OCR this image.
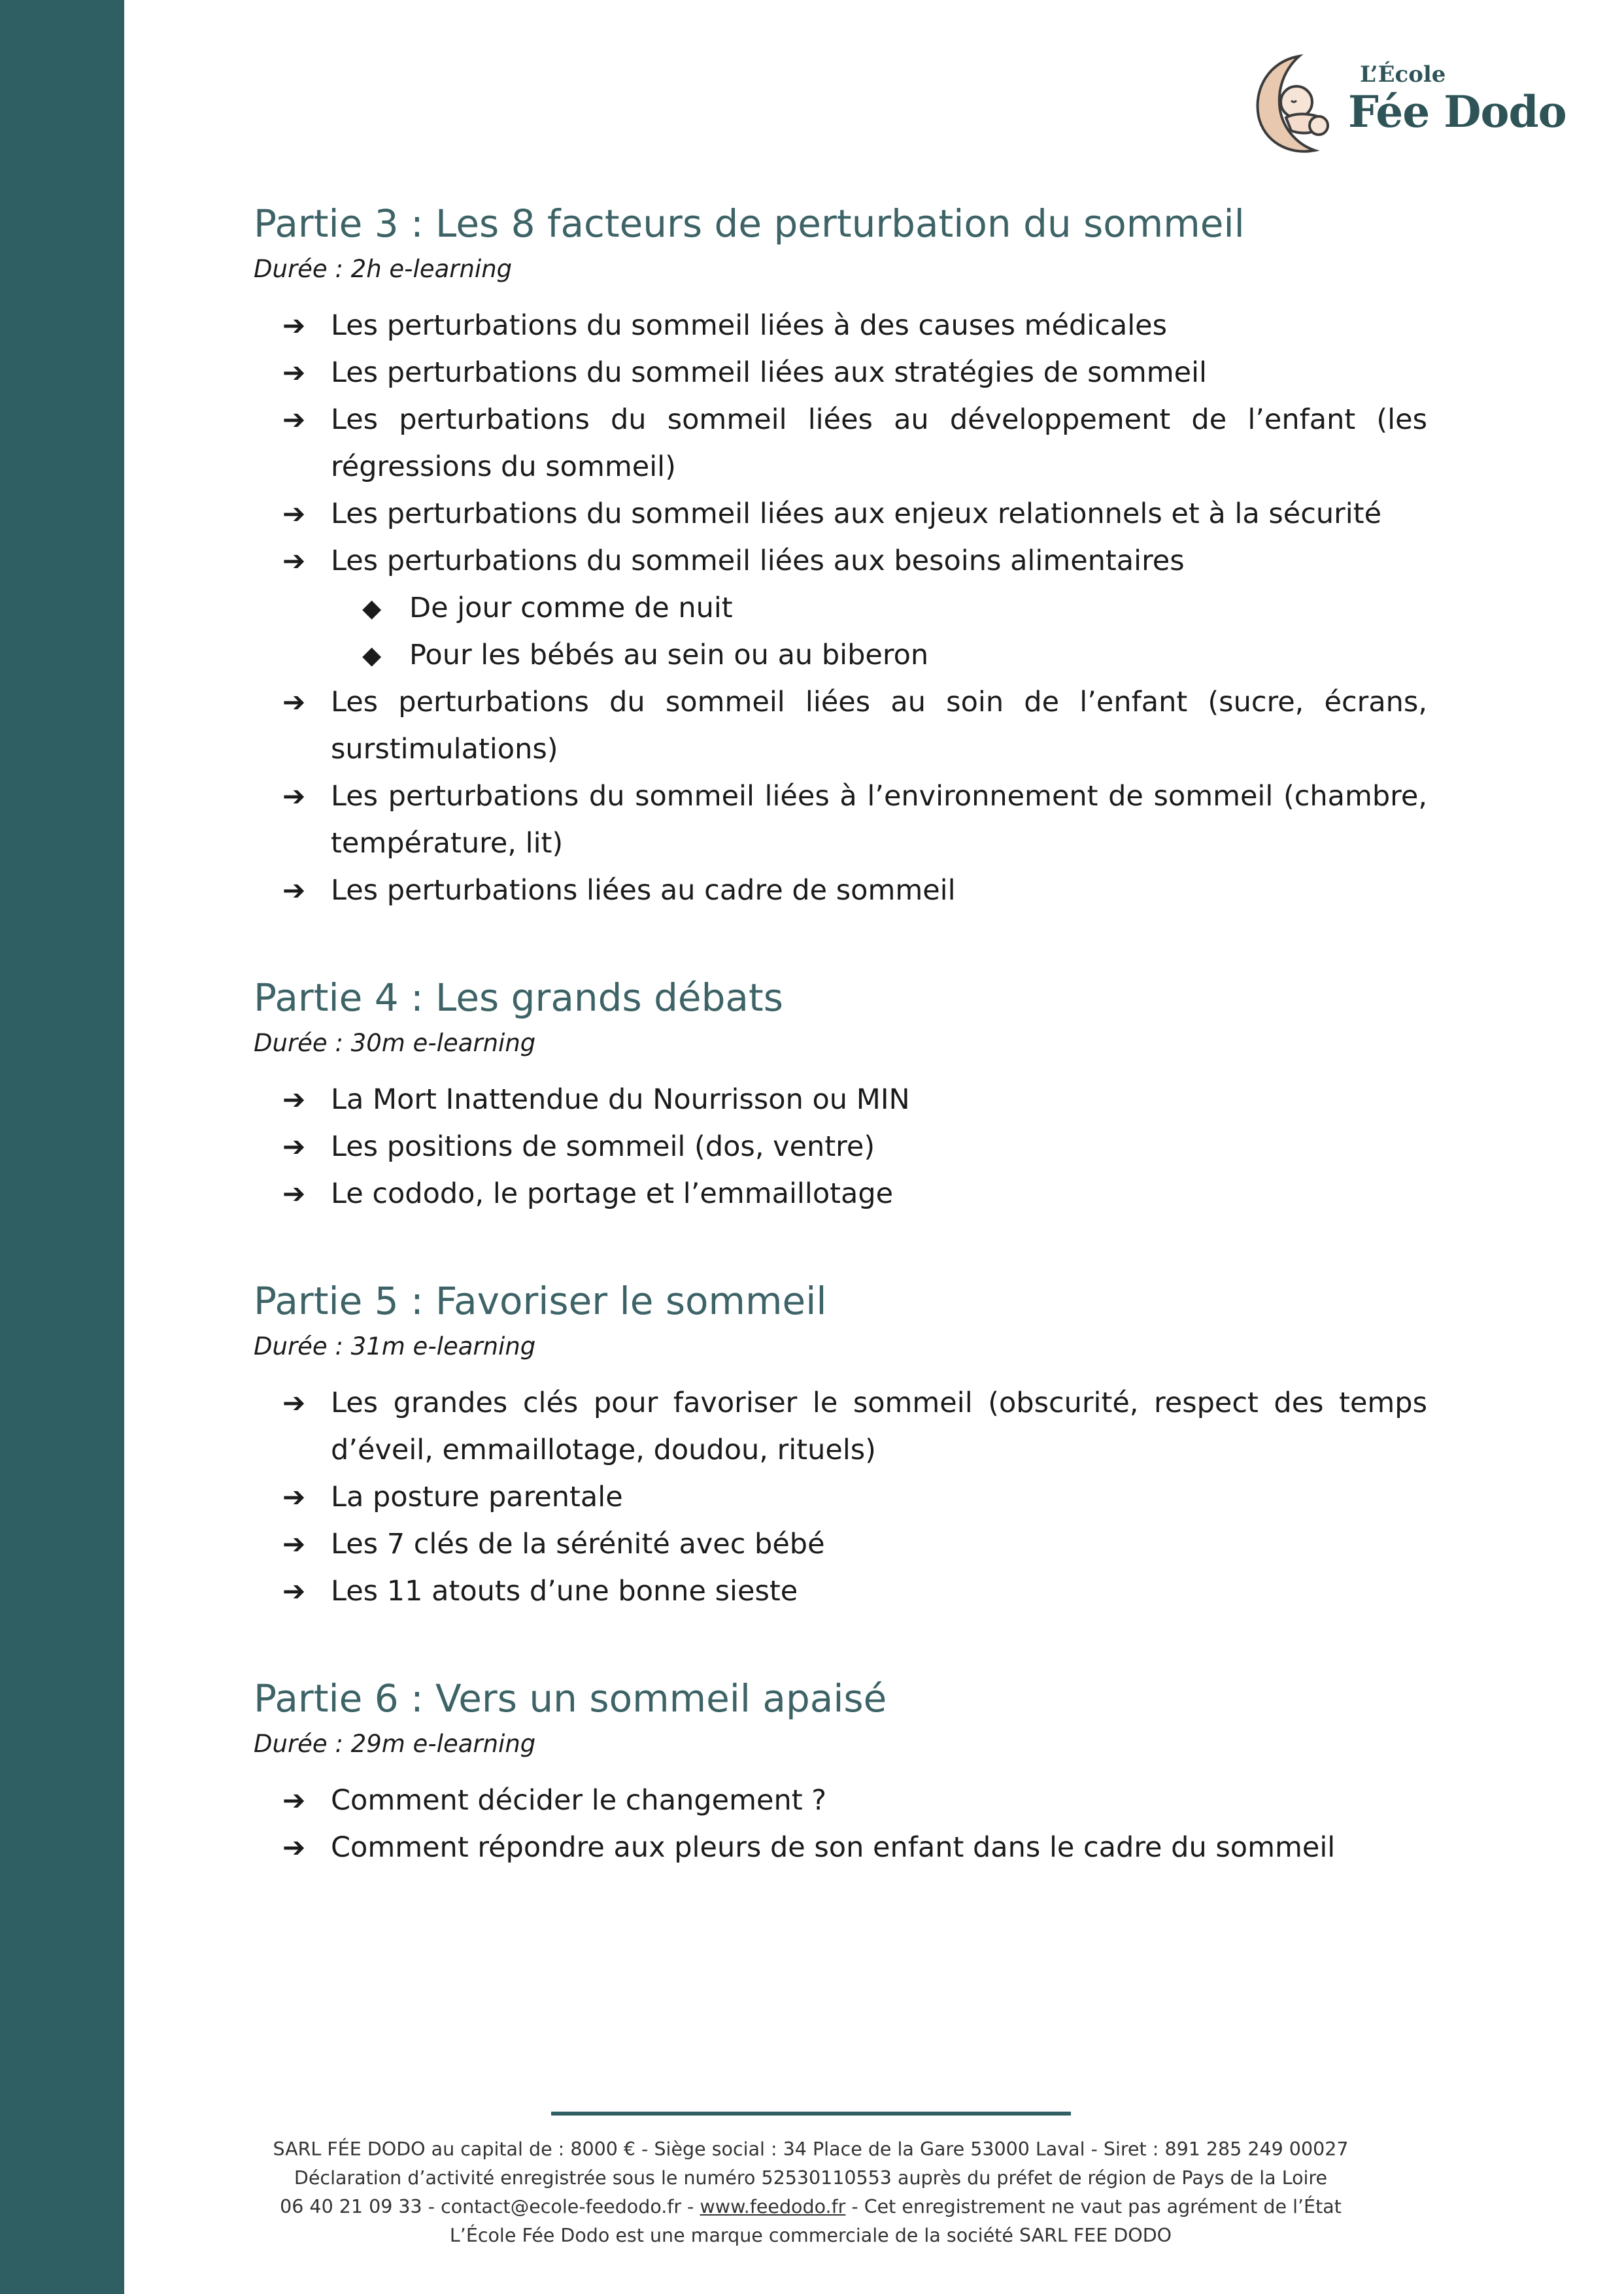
L’École
Fée Dodo
Partie 3 : Les 8 facteurs de perturbation du sommeil

Durée : 2h e-learning

➔ Les perturbations du sommeil liées à des causes médicales
➔ Les perturbations du sommeil liées aux stratégies de sommeil
➔ Les perturbations du sommeil liées au développement de l’enfant (les régressions du sommeil)
➔ Les perturbations du sommeil liées aux enjeux relationnels et à la sécurité
➔ Les perturbations du sommeil liées aux besoins alimentaires
◆ De jour comme de nuit
◆ Pour les bébés au sein ou au biberon
➔ Les perturbations du sommeil liées au soin de l’enfant (sucre, écrans, surstimulations)
➔ Les perturbations du sommeil liées à l’environnement de sommeil (chambre, température, lit)
➔ Les perturbations liées au cadre de sommeil
Partie 4 : Les grands débats

Durée : 30m e-learning

➔ La Mort Inattendue du Nourrisson ou MIN
➔ Les positions de sommeil (dos, ventre)
➔ Le cododo, le portage et l’emmaillotage
Partie 5 : Favoriser le sommeil

Durée : 31m e-learning

➔ Les grandes clés pour favoriser le sommeil (obscurité, respect des temps d’éveil, emmaillotage, doudou, rituels)
➔ La posture parentale
➔ Les 7 clés de la sérénité avec bébé
➔ Les 11 atouts d’une bonne sieste
Partie 6 : Vers un sommeil apaisé

Durée : 29m e-learning

➔ Comment décider le changement ?
➔ Comment répondre aux pleurs de son enfant dans le cadre du sommeil

SARL FÉE DODO au capital de : 8000 € - Siège social : 34 Place de la Gare 53000 Laval - Siret : 891 285 249 00027

Déclaration d’activité enregistrée sous le numéro 52530110553 auprès du préfet de région de Pays de la Loire

06 40 21 09 33 - contact@ecole-feedodo.fr - www.feedodo.fr - Cet enregistrement ne vaut pas agrément de l’État

L’École Fée Dodo est une marque commerciale de la société SARL FEE DODO
